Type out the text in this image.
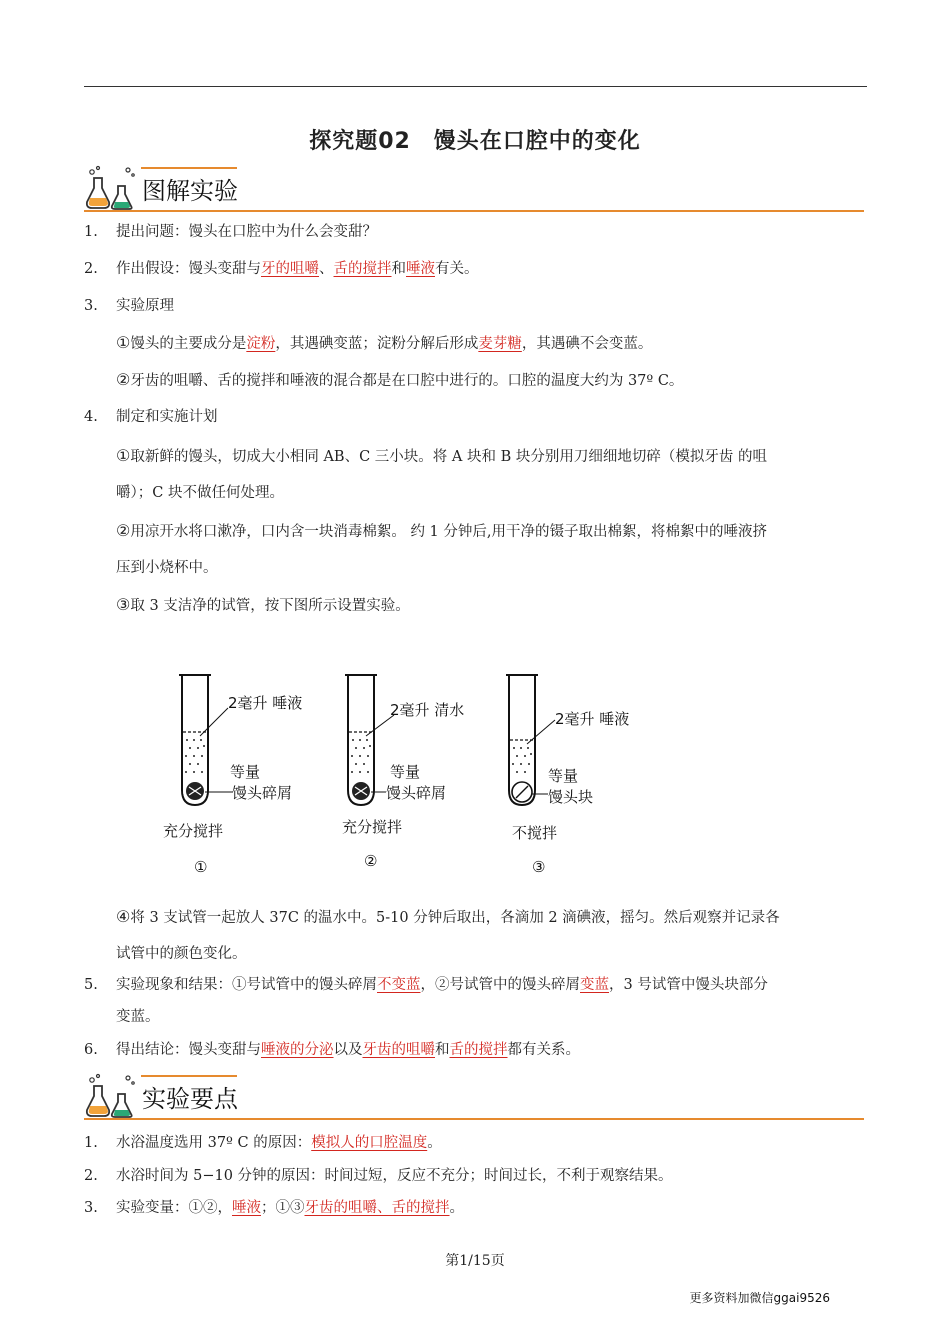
探究题02　馒头在口腔中的变化
图解实验
1. 提出问题：馒头在口腔中为什么会变甜？
2. 作出假设：馒头变甜与牙的咀嚼、舌的搅拌和唾液有关。
3. 实验原理
①馒头的主要成分是淀粉，其遇碘变蓝；淀粉分解后形成麦芽糖，其遇碘不会变蓝。
②牙齿的咀嚼、舌的搅拌和唾液的混合都是在口腔中进行的。口腔的温度大约为 37º C。
4. 制定和实施计划
①取新鲜的馒头，切成大小相同 AB、C 三小块。将 A 块和 B 块分别用刀细细地切碎（模拟牙齿 的咀
嚼）；C 块不做任何处理。
②用凉开水将口漱净，口内含一块消毒棉絮。 约 1 分钟后,用干净的镊子取出棉絮，将棉絮中的唾液挤
压到小烧杯中。
③取 3 支洁净的试管，按下图所示设置实验。
2毫升 唾液
等量
馒头碎屑
充分搅拌
①
2毫升 清水
等量
馒头碎屑
充分搅拌
②
2毫升 唾液
等量
馒头块
不搅拌
③
④将 3 支试管一起放人 37C 的温水中。5-10 分钟后取出，各滴加 2 滴碘液，摇匀。然后观察并记录各
试管中的颜色变化。
5. 实验现象和结果：①号试管中的馒头碎屑不变蓝，②号试管中的馒头碎屑变蓝，3 号试管中馒头块部分
变蓝。
6. 得出结论：馒头变甜与唾液的分泌以及牙齿的咀嚼和舌的搅拌都有关系。
实验要点
1. 水浴温度选用 37º C 的原因：模拟人的口腔温度。
2. 水浴时间为 5−10 分钟的原因：时间过短，反应不充分；时间过长，不利于观察结果。
3. 实验变量：①②，唾液；①③牙齿的咀嚼、舌的搅拌。
第1/15页
更多资料加微信ggai9526
